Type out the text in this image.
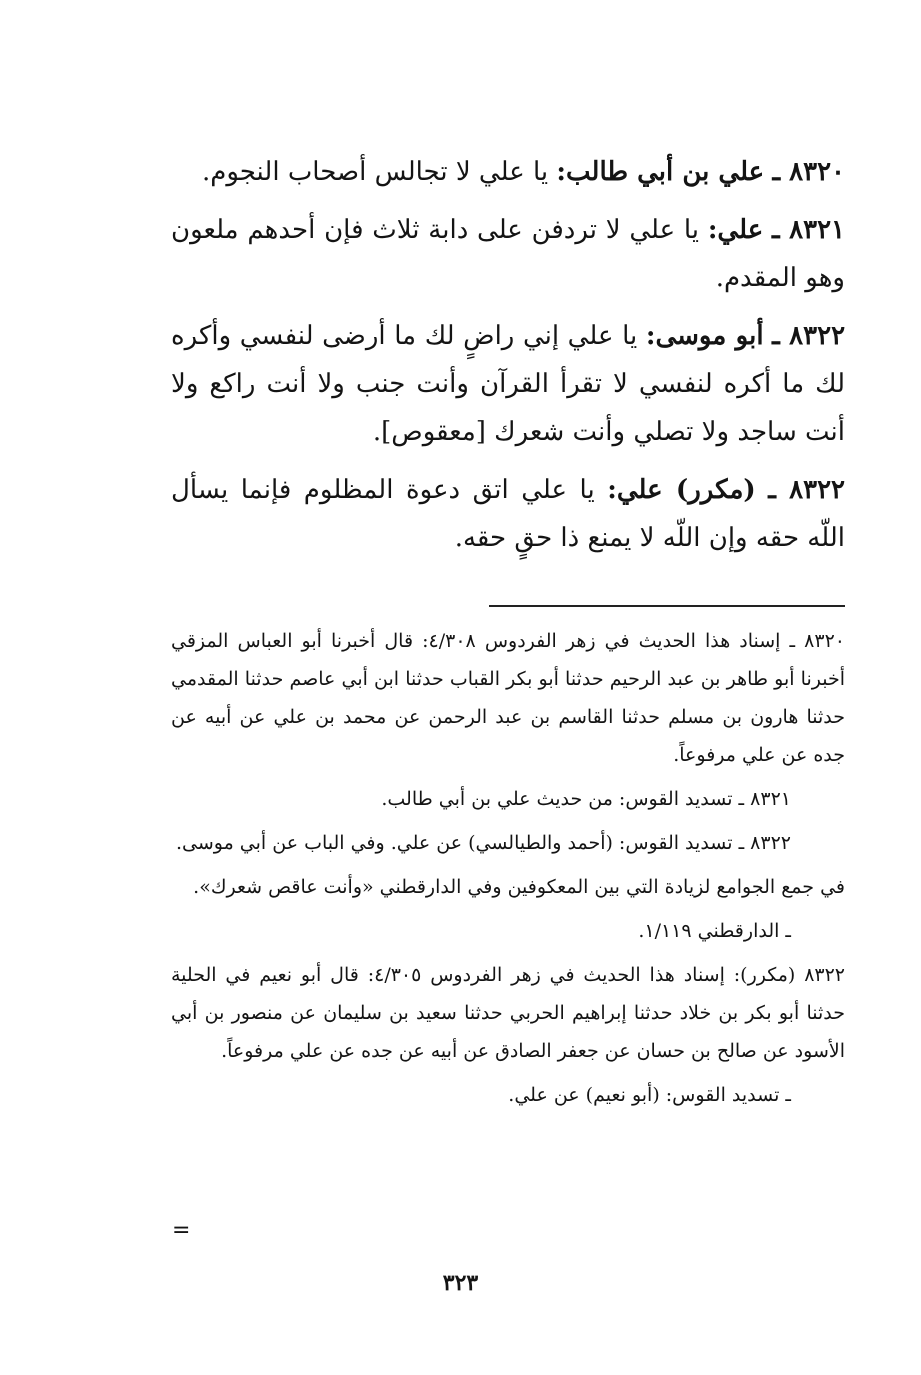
٨٣٢٠ ـ علي بن أبي طالب: يا علي لا تجالس أصحاب النجوم.

٨٣٢١ ـ علي: يا علي لا تردفن على دابة ثلاث فإن أحدهم ملعون وهو المقدم.

٨٣٢٢ ـ أبو موسى: يا علي إني راضٍ لك ما أرضى لنفسي وأكره لك ما أكره لنفسي لا تقرأ القرآن وأنت جنب ولا أنت راكع ولا أنت ساجد ولا تصلي وأنت شعرك [معقوص].

٨٣٢٢ ـ (مكرر) علي: يا علي اتق دعوة المظلوم فإنما يسأل اللّه حقه وإن اللّه لا يمنع ذا حقٍ حقه.

٨٣٢٠ ـ إسناد هذا الحديث في زهر الفردوس ٤/٣٠٨: قال أخبرنا أبو العباس المزقي أخبرنا أبو طاهر بن عبد الرحيم حدثنا أبو بكر القباب حدثنا ابن أبي عاصم حدثنا المقدمي حدثنا هارون بن مسلم حدثنا القاسم بن عبد الرحمن عن محمد بن علي عن أبيه عن جده عن علي مرفوعاً.

٨٣٢١ ـ تسديد القوس: من حديث علي بن أبي طالب.

٨٣٢٢ ـ تسديد القوس: (أحمد والطيالسي) عن علي. وفي الباب عن أبي موسى.

في جمع الجوامع لزيادة التي بين المعكوفين وفي الدارقطني «وأنت عاقص شعرك».

ـ الدارقطني ١/١١٩.

٨٣٢٢ (مكرر): إسناد هذا الحديث في زهر الفردوس ٤/٣٠٥: قال أبو نعيم في الحلية حدثنا أبو بكر بن خلاد حدثنا إبراهيم الحربي حدثنا سعيد بن سليمان عن منصور بن أبي الأسود عن صالح بن حسان عن جعفر الصادق عن أبيه عن جده عن علي مرفوعاً.

ـ تسديد القوس: (أبو نعيم) عن علي.

=
٣٢٣
